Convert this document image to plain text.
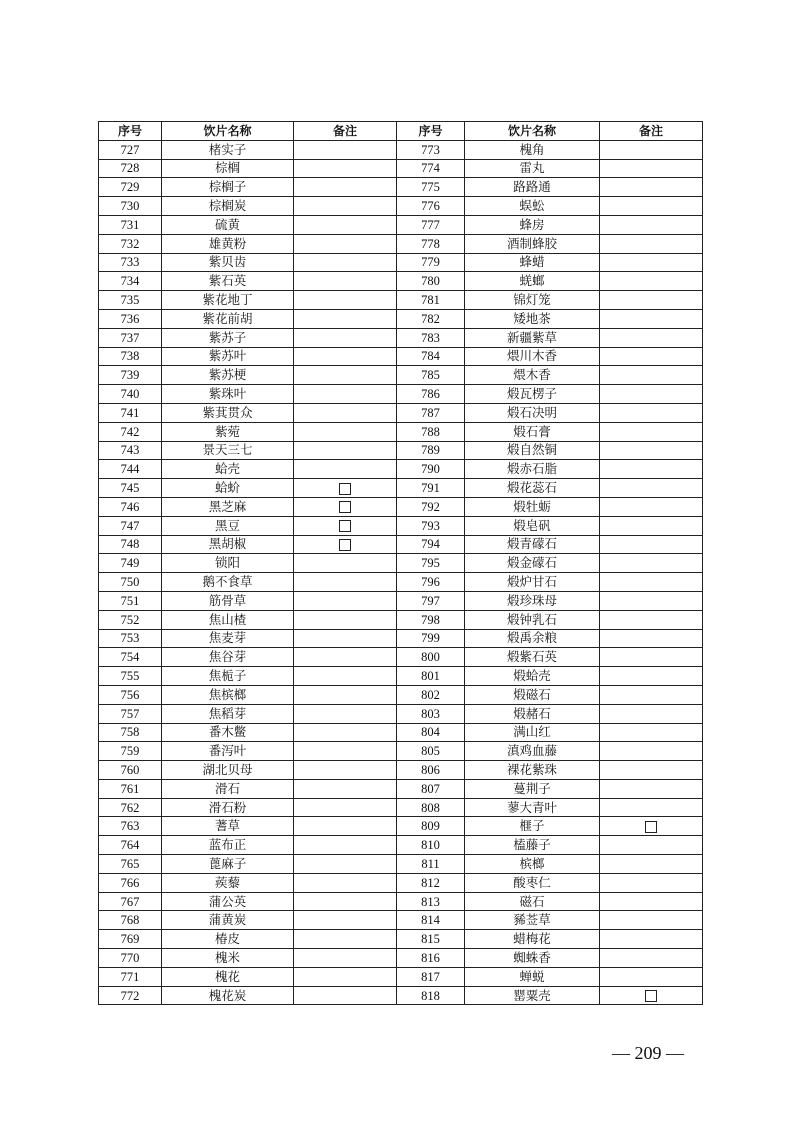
序号	饮片名称	备注	序号	饮片名称	备注
727	楮实子		773	槐角	
728	棕榈		774	雷丸	
729	棕榈子		775	路路通	
730	棕榈炭		776	蜈蚣	
731	硫黄		777	蜂房	
732	雄黄粉		778	酒制蜂胶	
733	紫贝齿		779	蜂蜡	
734	紫石英		780	蜣螂	
735	紫花地丁		781	锦灯笼	
736	紫花前胡		782	矮地茶	
737	紫苏子		783	新疆紫草	
738	紫苏叶		784	煨川木香	
739	紫苏梗		785	煨木香	
740	紫珠叶		786	煅瓦楞子	
741	紫萁贯众		787	煅石决明	
742	紫菀		788	煅石膏	
743	景天三七		789	煅自然铜	
744	蛤壳		790	煅赤石脂	
745	蛤蚧		791	煅花蕊石	
746	黑芝麻		792	煅牡蛎	
747	黑豆		793	煅皂矾	
748	黑胡椒		794	煅青礞石	
749	锁阳		795	煅金礞石	
750	鹅不食草		796	煅炉甘石	
751	筋骨草		797	煅珍珠母	
752	焦山楂		798	煅钟乳石	
753	焦麦芽		799	煅禹余粮	
754	焦谷芽		800	煅紫石英	
755	焦栀子		801	煅蛤壳	
756	焦槟榔		802	煅磁石	
757	焦稻芽		803	煅赭石	
758	番木鳖		804	满山红	
759	番泻叶		805	滇鸡血藤	
760	湖北贝母		806	裸花紫珠	
761	滑石		807	蔓荆子	
762	滑石粉		808	蓼大青叶	
763	蓍草		809	榧子	
764	蓝布正		810	榼藤子	
765	蓖麻子		811	槟榔	
766	蒺藜		812	酸枣仁	
767	蒲公英		813	磁石	
768	蒲黄炭		814	豨莶草	
769	椿皮		815	蜡梅花	
770	槐米		816	蜘蛛香	
771	槐花		817	蝉蜕	
772	槐花炭		818	罂粟壳	
— 209 —
